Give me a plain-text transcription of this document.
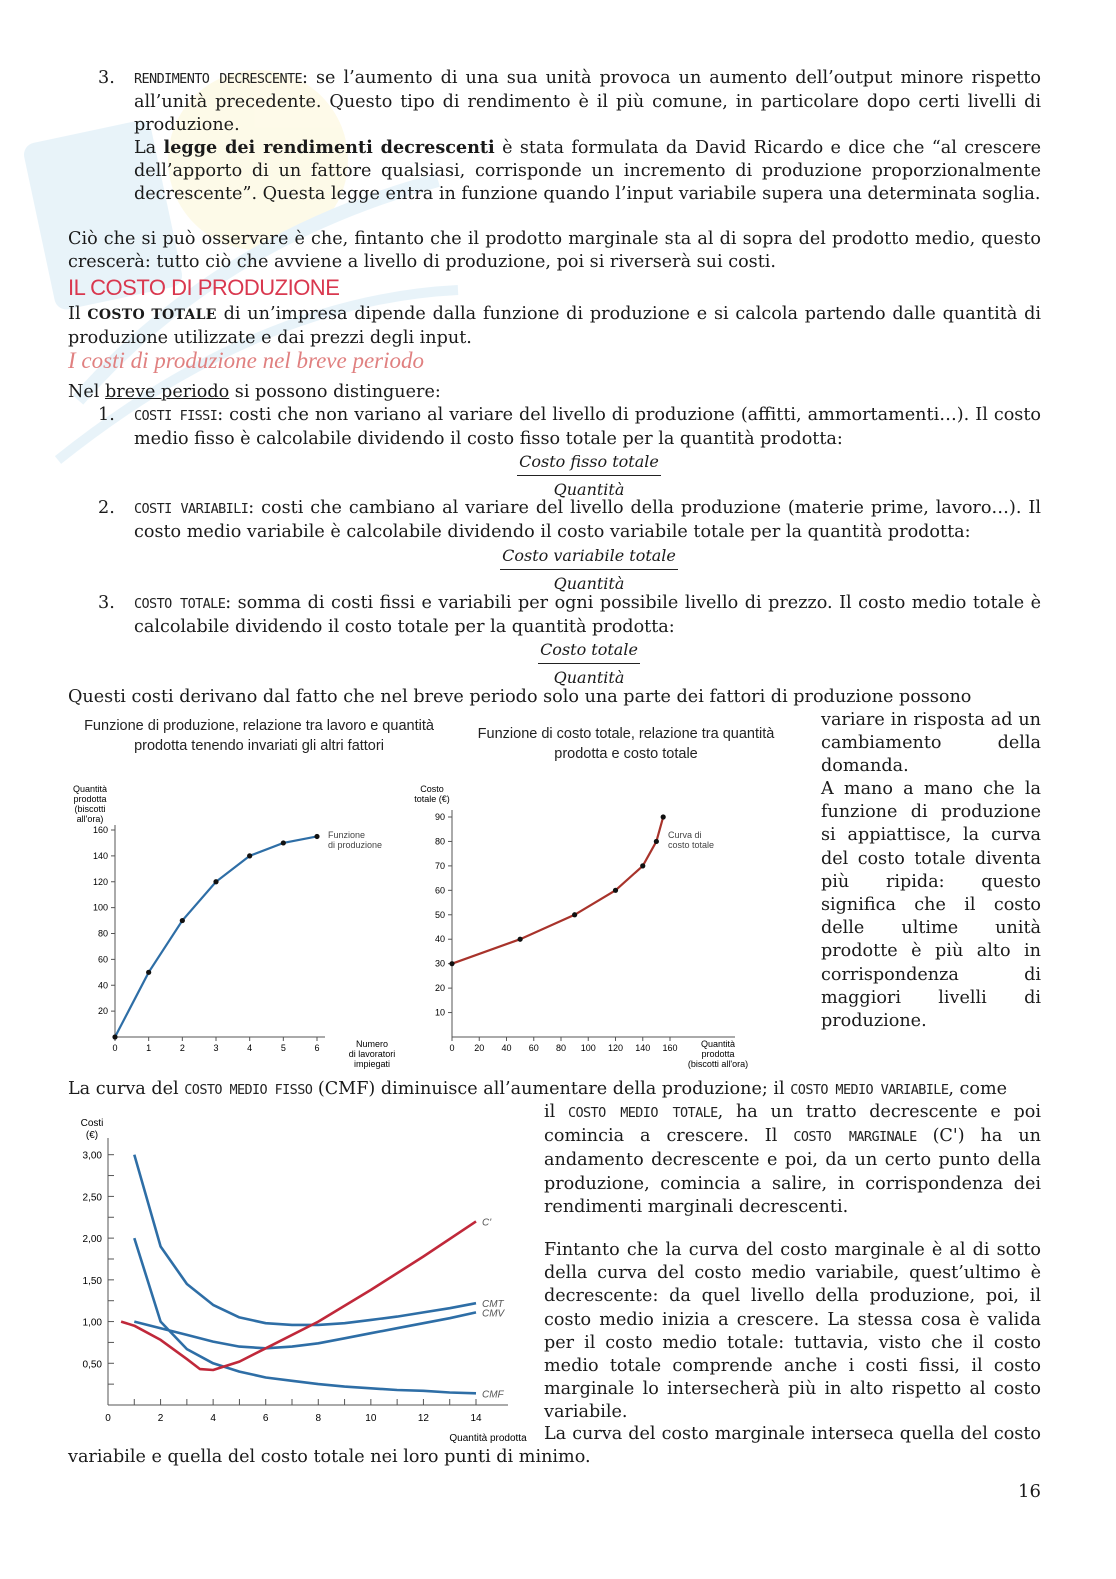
3. RENDIMENTO DECRESCENTE: se l’aumento di una sua unità provoca un aumento dell’output minore rispetto all’unità precedente. Questo tipo di rendimento è il più comune, in particolare dopo certi livelli di produzione.
La legge dei rendimenti decrescenti è stata formulata da David Ricardo e dice che “al crescere dell’apporto di un fattore qualsiasi, corrisponde un incremento di produzione proporzionalmente decrescente”. Questa legge entra in funzione quando l’input variabile supera una determinata soglia.
Ciò che si può osservare è che, fintanto che il prodotto marginale sta al di sopra del prodotto medio, questo crescerà: tutto ciò che avviene a livello di produzione, poi si riverserà sui costi.
IL COSTO DI PRODUZIONE
Il COSTO TOTALE di un’impresa dipende dalla funzione di produzione e si calcola partendo dalle quantità di produzione utilizzate e dai prezzi degli input.
I costi di produzione nel breve periodo
Nel breve periodo si possono distinguere:
1. COSTI FISSI: costi che non variano al variare del livello di produzione (affitti, ammortamenti…). Il costo medio fisso è calcolabile dividendo il costo fisso totale per la quantità prodotta:
Costo fisso totale
Quantità
2. COSTI VARIABILI: costi che cambiano al variare del livello della produzione (materie prime, lavoro…). Il costo medio variabile è calcolabile dividendo il costo variabile totale per la quantità prodotta:
Costo variabile totale
Quantità
3. COSTO TOTALE: somma di costi fissi e variabili per ogni possibile livello di prezzo. Il costo medio totale è calcolabile dividendo il costo totale per la quantità prodotta:
Costo totale
Quantità
Questi costi derivano dal fatto che nel breve periodo solo una parte dei fattori di produzione possono
Funzione di produzione, relazione tra lavoro e quantità prodotta tenendo invariati gli altri fattori
Funzione di costo totale, relazione tra quantità prodotta e costo totale
Quantità prodotta (biscotti all'ora)
Numero di lavoratori impiegati
Funzione di produzione
20
40
60
80
100
120
140
160
0	1	2	3	4	5	6
Costo totale (€)
Quantità prodotta (biscotti all'ora)
Curva di costo totale
10
20
30
40
50
60
70
80
90
0 20 40 60 80 100 120 140 160
variare in risposta ad un cambiamento della domanda.
A mano a mano che la funzione di produzione si appiattisce, la curva del costo totale diventa più ripida: questo significa che il costo delle ultime unità prodotte è più alto in corrispondenza di maggiori livelli di produzione.
La curva del COSTO MEDIO FISSO (CMF) diminuisce all’aumentare della produzione; il COSTO MEDIO VARIABILE, come
Costi (€)
Quantità prodotta
0,50
1,00
1,50
2,00
2,50
3,00
0	2	4	6	8	10	12	14
CMT
CMV
CMF
C'
il COSTO MEDIO TOTALE, ha un tratto decrescente e poi comincia a crescere. Il COSTO MARGINALE (C') ha un andamento decrescente e poi, da un certo punto della produzione, comincia a salire, in corrispondenza dei rendimenti marginali decrescenti.
Fintanto che la curva del costo marginale è al di sotto della curva del costo medio variabile, quest’ultimo è decrescente: da quel livello della produzione, poi, il costo medio inizia a crescere. La stessa cosa è valida per il costo medio totale: tuttavia, visto che il costo medio totale comprende anche i costi fissi, il costo marginale lo intersecherà più in alto rispetto al costo variabile.
La curva del costo marginale interseca quella del costo variabile e quella del costo totale nei loro punti di minimo.
16
